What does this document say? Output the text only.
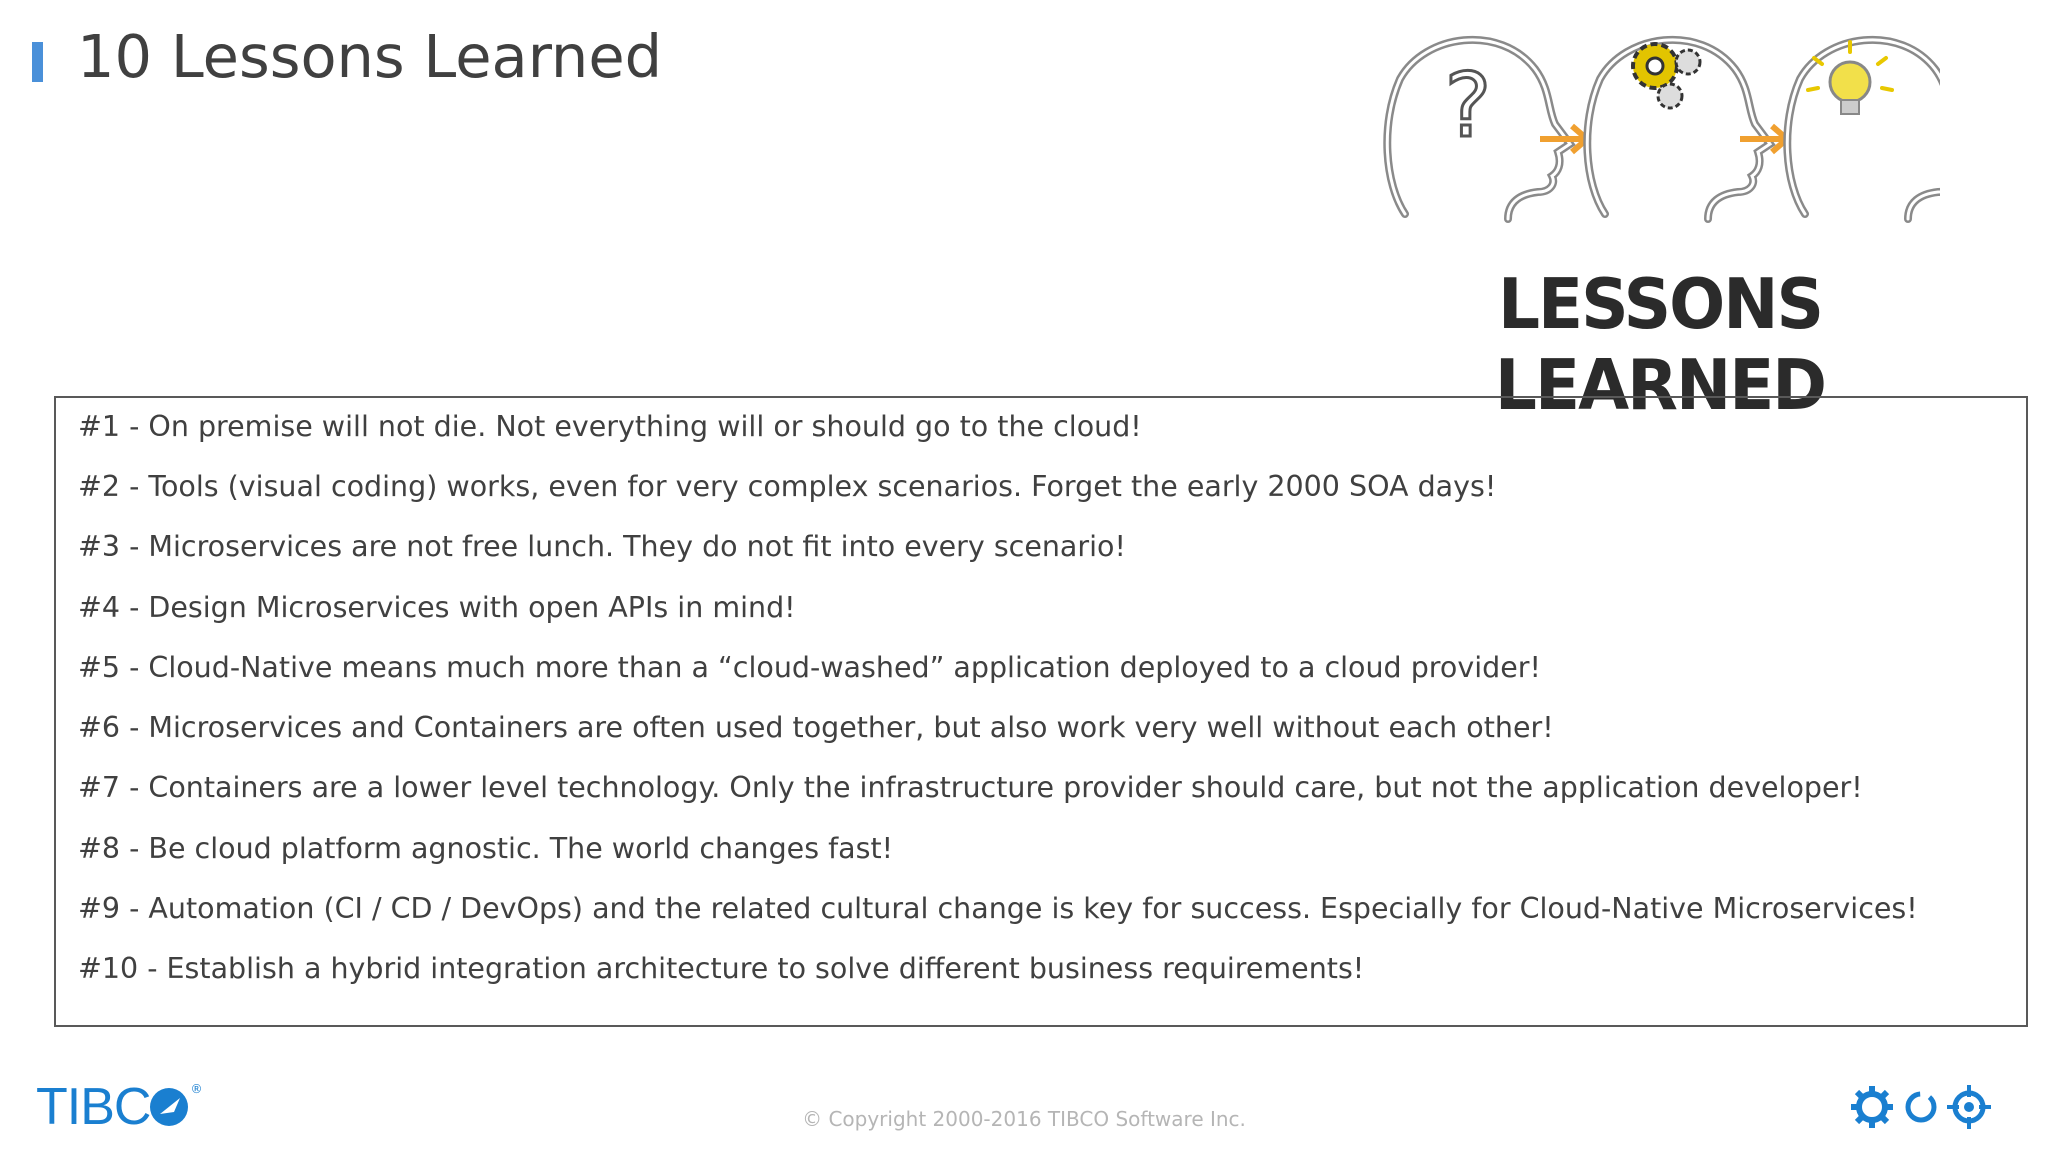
10 Lessons Learned	?
LESSONS LEARNED
#1 - On premise will not die. Not everything will or should go to the cloud!
#2 - Tools (visual coding) works, even for very complex scenarios. Forget the early 2000 SOA days!
#3 - Microservices are not free lunch. They do not fit into every scenario!
#4 - Design Microservices with open APIs in mind!
#5 - Cloud-Native means much more than a “cloud-washed” application deployed to a cloud provider!
#6 - Microservices and Containers are often used together, but also work very well without each other!
#7 - Containers are a lower level technology. Only the infrastructure provider should care, but not the application developer!
#8 - Be cloud platform agnostic. The world changes fast!
#9 - Automation (CI / CD / DevOps) and the related cultural change is key for success. Especially for Cloud-Native Microservices!
#10 - Establish a hybrid integration architecture to solve different business requirements!
TIBC	®
© Copyright 2000-2016 TIBCO Software Inc.
